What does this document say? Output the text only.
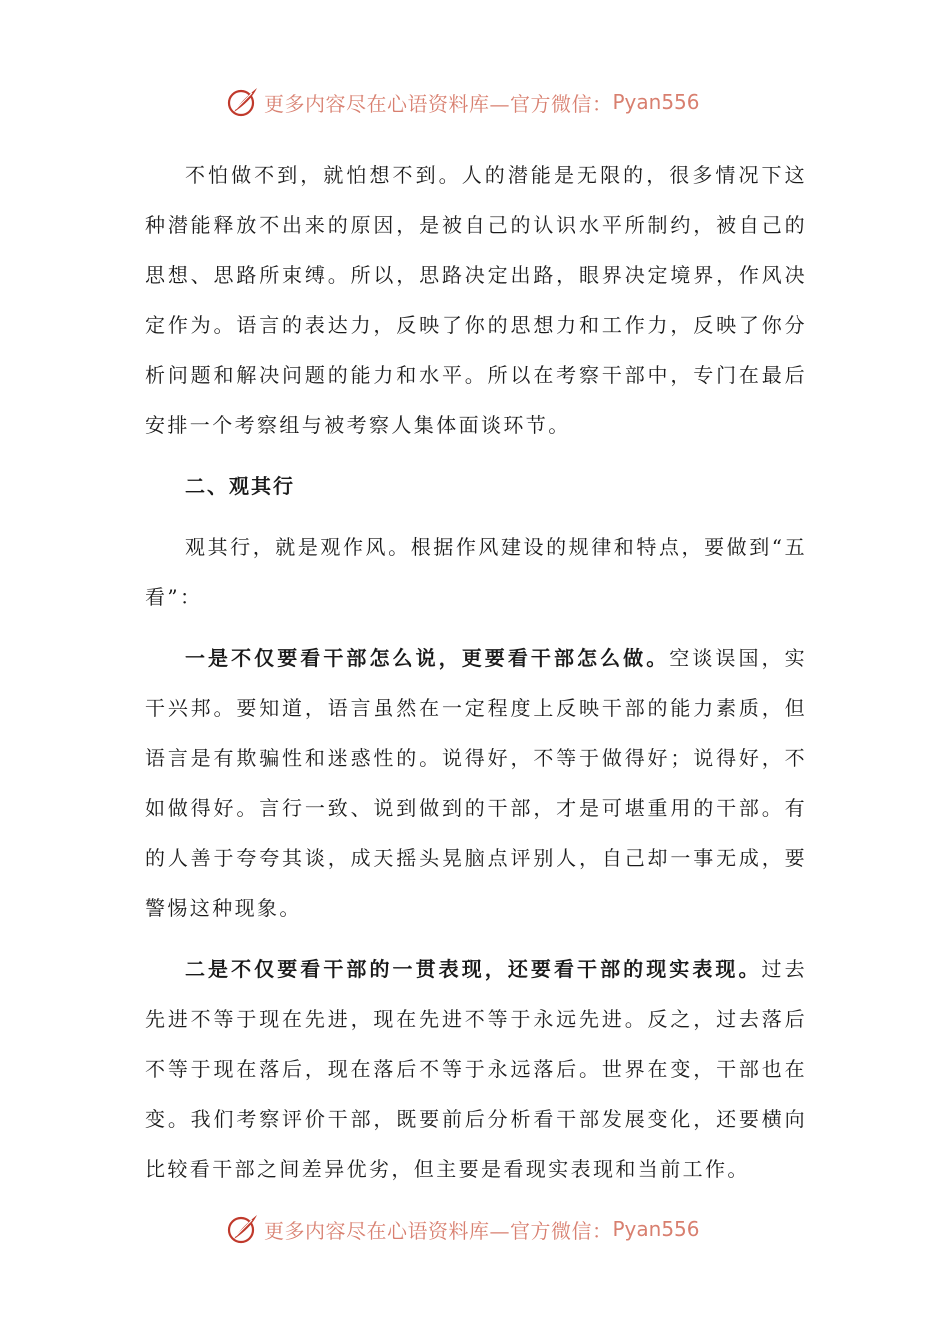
更多内容尽在心语资料库—官方微信： Pyan556

不怕做不到，就怕想不到。人的潜能是无限的，很多情况下这种潜能释放不出来的原因，是被自己的认识水平所制约，被自己的思想、思路所束缚。所以，思路决定出路，眼界决定境界，作风决定作为。语言的表达力，反映了你的思想力和工作力，反映了你分析问题和解决问题的能力和水平。所以在考察干部中，专门在最后安排一个考察组与被考察人集体面谈环节。

二、观其行

观其行，就是观作风。根据作风建设的规律和特点，要做到“五看”：

一是不仅要看干部怎么说，更要看干部怎么做。空谈误国，实干兴邦。要知道，语言虽然在一定程度上反映干部的能力素质，但语言是有欺骗性和迷惑性的。说得好，不等于做得好；说得好，不如做得好。言行一致、说到做到的干部，才是可堪重用的干部。有的人善于夸夸其谈，成天摇头晃脑点评别人，自己却一事无成，要警惕这种现象。

二是不仅要看干部的一贯表现，还要看干部的现实表现。过去先进不等于现在先进，现在先进不等于永远先进。反之，过去落后不等于现在落后，现在落后不等于永远落后。世界在变，干部也在变。我们考察评价干部，既要前后分析看干部发展变化，还要横向比较看干部之间差异优劣，但主要是看现实表现和当前工作。

更多内容尽在心语资料库—官方微信： Pyan556
